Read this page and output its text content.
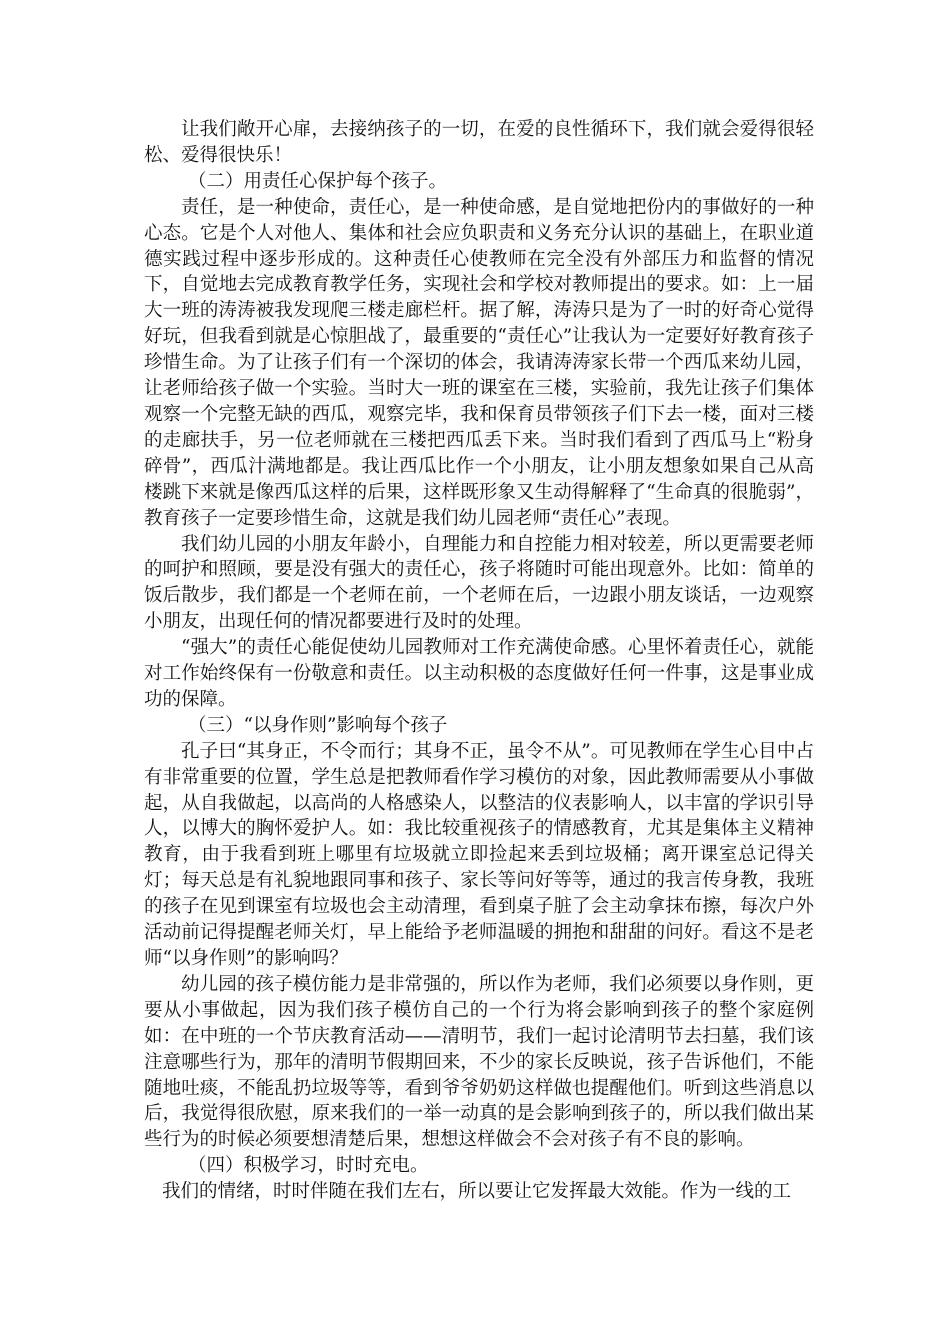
让我们敞开心扉，去接纳孩子的一切，在爱的良性循环下，我们就会爱得很轻松、爱得很快乐！

（二）用责任心保护每个孩子。

责任，是一种使命，责任心，是一种使命感，是自觉地把份内的事做好的一种心态。它是个人对他人、集体和社会应负职责和义务充分认识的基础上，在职业道德实践过程中逐步形成的。这种责任心使教师在完全没有外部压力和监督的情况下，自觉地去完成教育教学任务，实现社会和学校对教师提出的要求。如：上一届大一班的涛涛被我发现爬三楼走廊栏杆。据了解，涛涛只是为了一时的好奇心觉得好玩，但我看到就是心惊胆战了，最重要的“责任心”让我认为一定要好好教育孩子珍惜生命。为了让孩子们有一个深切的体会，我请涛涛家长带一个西瓜来幼儿园，让老师给孩子做一个实验。当时大一班的课室在三楼，实验前，我先让孩子们集体观察一个完整无缺的西瓜，观察完毕，我和保育员带领孩子们下去一楼，面对三楼的走廊扶手，另一位老师就在三楼把西瓜丢下来。当时我们看到了西瓜马上“粉身碎骨”，西瓜汁满地都是。我让西瓜比作一个小朋友，让小朋友想象如果自己从高楼跳下来就是像西瓜这样的后果，这样既形象又生动得解释了“生命真的很脆弱”，教育孩子一定要珍惜生命，这就是我们幼儿园老师“责任心”表现。

我们幼儿园的小朋友年龄小，自理能力和自控能力相对较差，所以更需要老师的呵护和照顾，要是没有强大的责任心，孩子将随时可能出现意外。比如：简单的饭后散步，我们都是一个老师在前，一个老师在后，一边跟小朋友谈话，一边观察小朋友，出现任何的情况都要进行及时的处理。

“强大”的责任心能促使幼儿园教师对工作充满使命感。心里怀着责任心，就能对工作始终保有一份敬意和责任。以主动积极的态度做好任何一件事，这是事业成功的保障。

（三）“以身作则”影响每个孩子

孔子曰“其身正，不令而行；其身不正，虽令不从”。可见教师在学生心目中占有非常重要的位置，学生总是把教师看作学习模仿的对象，因此教师需要从小事做起，从自我做起，以高尚的人格感染人，以整洁的仪表影响人，以丰富的学识引导人，以博大的胸怀爱护人。如：我比较重视孩子的情感教育，尤其是集体主义精神教育，由于我看到班上哪里有垃圾就立即捡起来丢到垃圾桶；离开课室总记得关灯；每天总是有礼貌地跟同事和孩子、家长等问好等等，通过的我言传身教，我班的孩子在见到课室有垃圾也会主动清理，看到桌子脏了会主动拿抹布擦，每次户外活动前记得提醒老师关灯，早上能给予老师温暖的拥抱和甜甜的问好。看这不是老师“以身作则”的影响吗？

幼儿园的孩子模仿能力是非常强的，所以作为老师，我们必须要以身作则，更要从小事做起，因为我们孩子模仿自己的一个行为将会影响到孩子的整个家庭例如：在中班的一个节庆教育活动——清明节，我们一起讨论清明节去扫墓，我们该注意哪些行为，那年的清明节假期回来，不少的家长反映说，孩子告诉他们，不能随地吐痰，不能乱扔垃圾等等，看到爷爷奶奶这样做也提醒他们。听到这些消息以后，我觉得很欣慰，原来我们的一举一动真的是会影响到孩子的，所以我们做出某些行为的时候必须要想清楚后果，想想这样做会不会对孩子有不良的影响。

（四）积极学习，时时充电。

我们的情绪，时时伴随在我们左右，所以要让它发挥最大效能。作为一线的工
